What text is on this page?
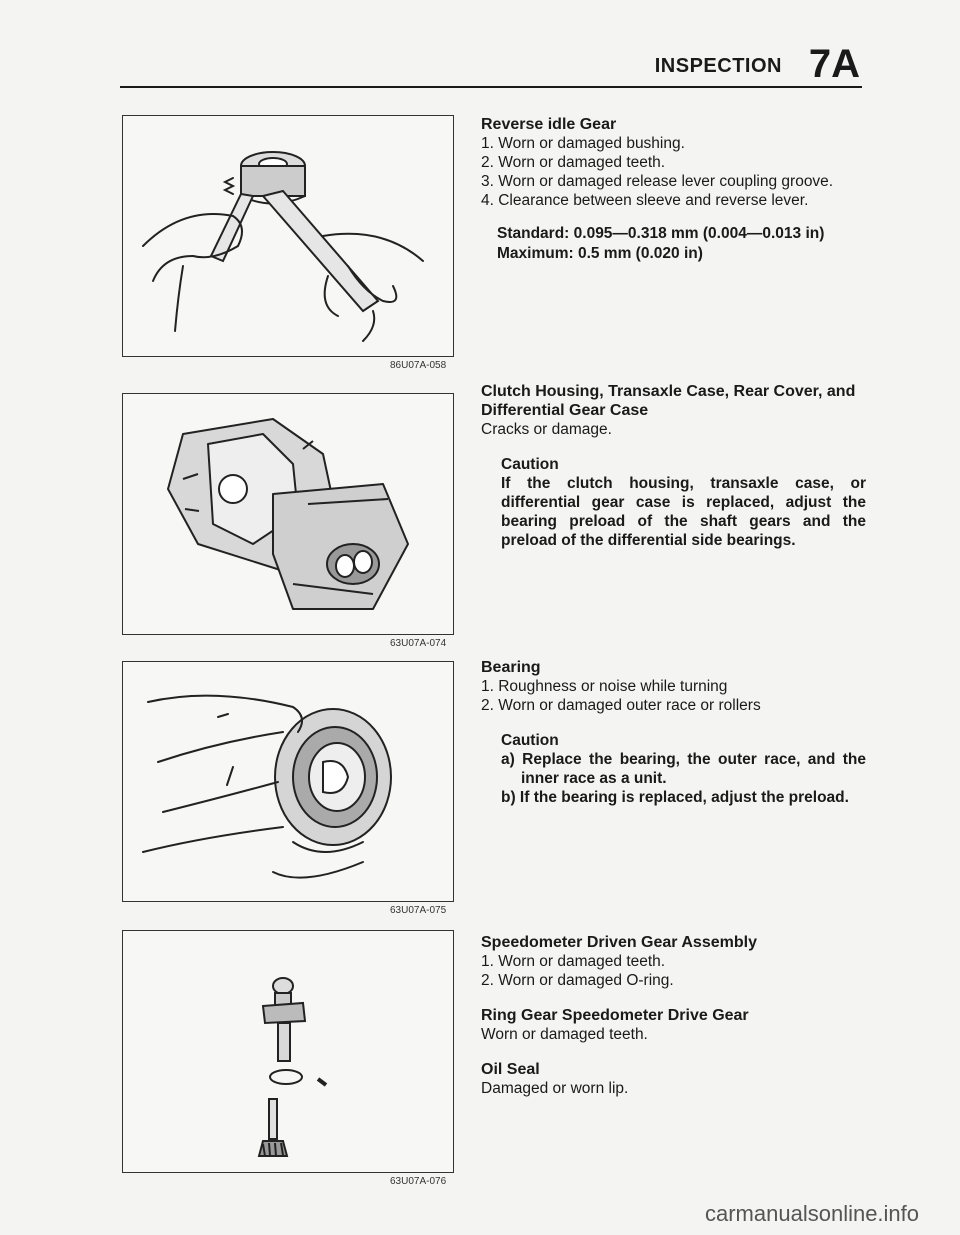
INSPECTION 7A
86U07A-058
63U07A-074
63U07A-075
63U07A-076
Reverse idle Gear

1. Worn or damaged bushing.

2. Worn or damaged teeth.

3. Worn or damaged release lever coupling groove.

4. Clearance between sleeve and reverse lever.

Standard: 0.095—0.318 mm (0.004—0.013 in)
Maximum: 0.5 mm (0.020 in)
Clutch Housing, Transaxle Case, Rear Cover, and Differential Gear Case

Cracks or damage.

Caution
If the clutch housing, transaxle case, or differential gear case is replaced, adjust the bearing preload of the shaft gears and the preload of the differential side bearings.
Bearing

1. Roughness or noise while turning

2. Worn or damaged outer race or rollers

Caution
a) Replace the bearing, the outer race, and the inner race as a unit.
b) If the bearing is replaced, adjust the preload.
Speedometer Driven Gear Assembly

1. Worn or damaged teeth.

2. Worn or damaged O-ring.

Ring Gear Speedometer Drive Gear

Worn or damaged teeth.

Oil Seal

Damaged or worn lip.

carmanualsonline.info
